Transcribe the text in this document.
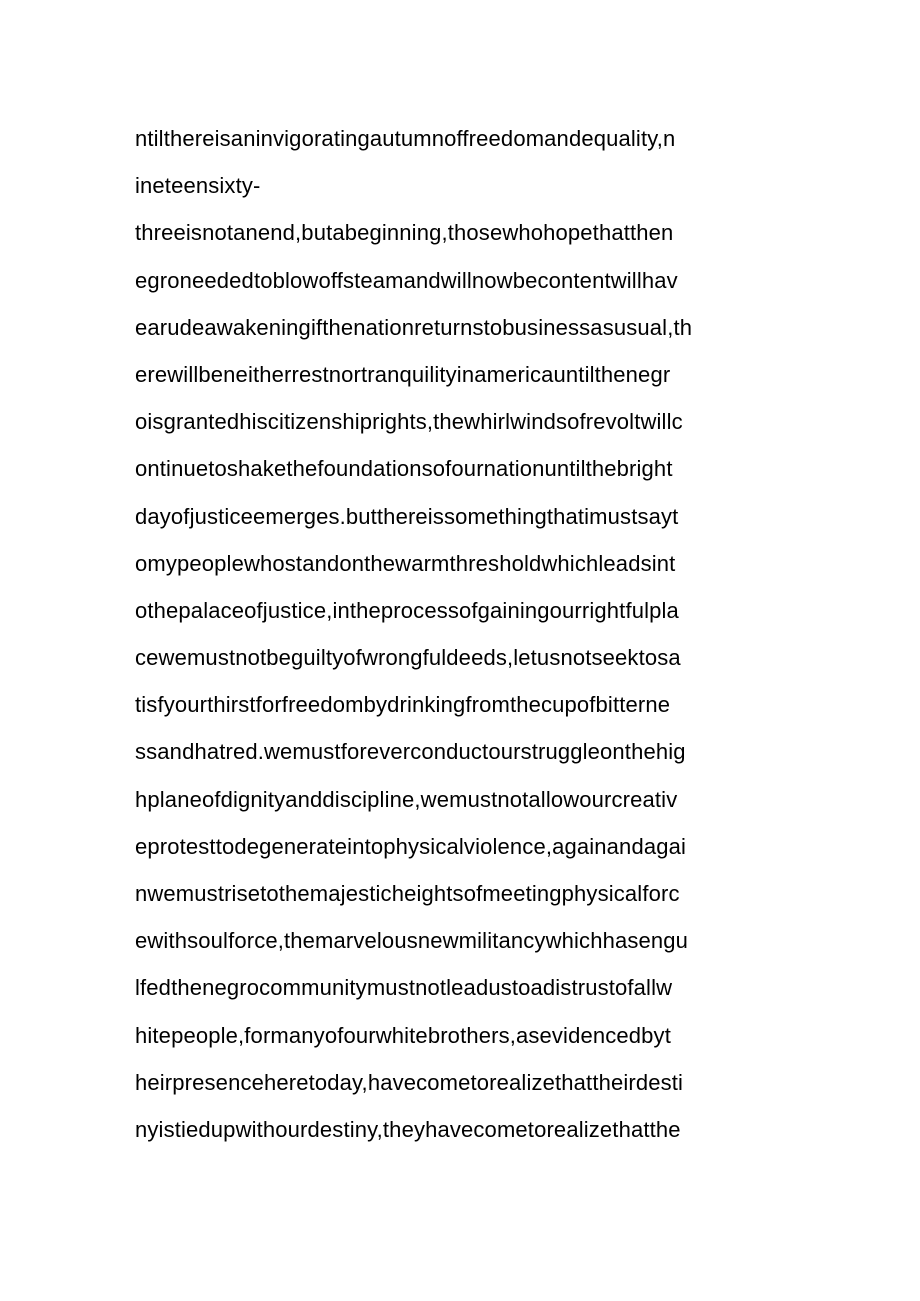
ntilthereisaninvigoratingautumnoffreedomandequality,n
ineteensixty-
threeisnotanend,butabeginning,thosewhohopethatthen
egroneededtoblowoffsteamandwillnowbecontentwillhav
earudeawakeningifthenationreturnstobusinessasusual,th
erewillbeneitherrestnortranquilityinamericauntilthenegr
oisgrantedhiscitizenshiprights,thewhirlwindsofrevoltwillc
ontinuetoshakethefoundationsofournationuntilthebright
dayofjusticeemerges.butthereissomethingthatimustsayt
omypeoplewhostandonthewarmthresholdwhichleadsint
othepalaceofjustice,intheprocessofgainingourrightfulpla
cewemustnotbeguiltyofwrongfuldeeds,letusnotseektosa
tisfyourthirstforfreedombydrinkingfromthecupofbitterne
ssandhatred.wemustforeverconductourstruggleonthehig
hplaneofdignityanddiscipline,wemustnotallowourcreativ
eprotesttodegenerateintophysicalviolence,againandagai
nwemustrisetothemajesticheightsofmeetingphysicalforc
ewithsoulforce,themarvelousnewmilitancywhichhasengu
lfedthenegrocommunitymustnotleadustoadistrustofallw
hitepeople,formanyofourwhitebrothers,asevidencedbyt
heirpresenceheretoday,havecometorealizethattheirdesti
nyistiedupwithourdestiny,theyhavecometorealizethatthe
